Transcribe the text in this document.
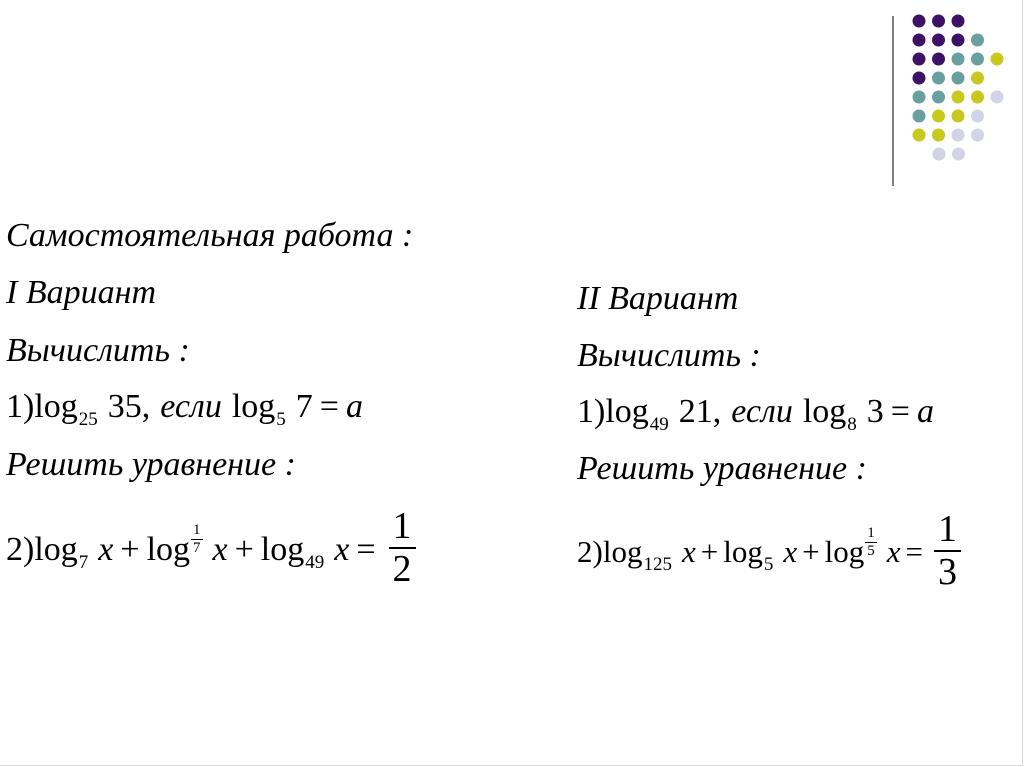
Самостоятельная работа :
I Вариант
Вычислить :
$1)\log_{25}$ 35, если $\log_5 7 = a$
Решить уравнение :
$2)\log_7$ $x + \log \frac{1}{7}$ $x + \log_{49} x = \frac{1}{2}$
II Вариант
Вычислить :
$1)\log_{49}$ 21, если $\log_8 3 = a$
Решить уравнение :
$2)\log_{125}$ $x + \log_5 x + \log \frac{1}{5}$ $x = \frac{1}{3}$
